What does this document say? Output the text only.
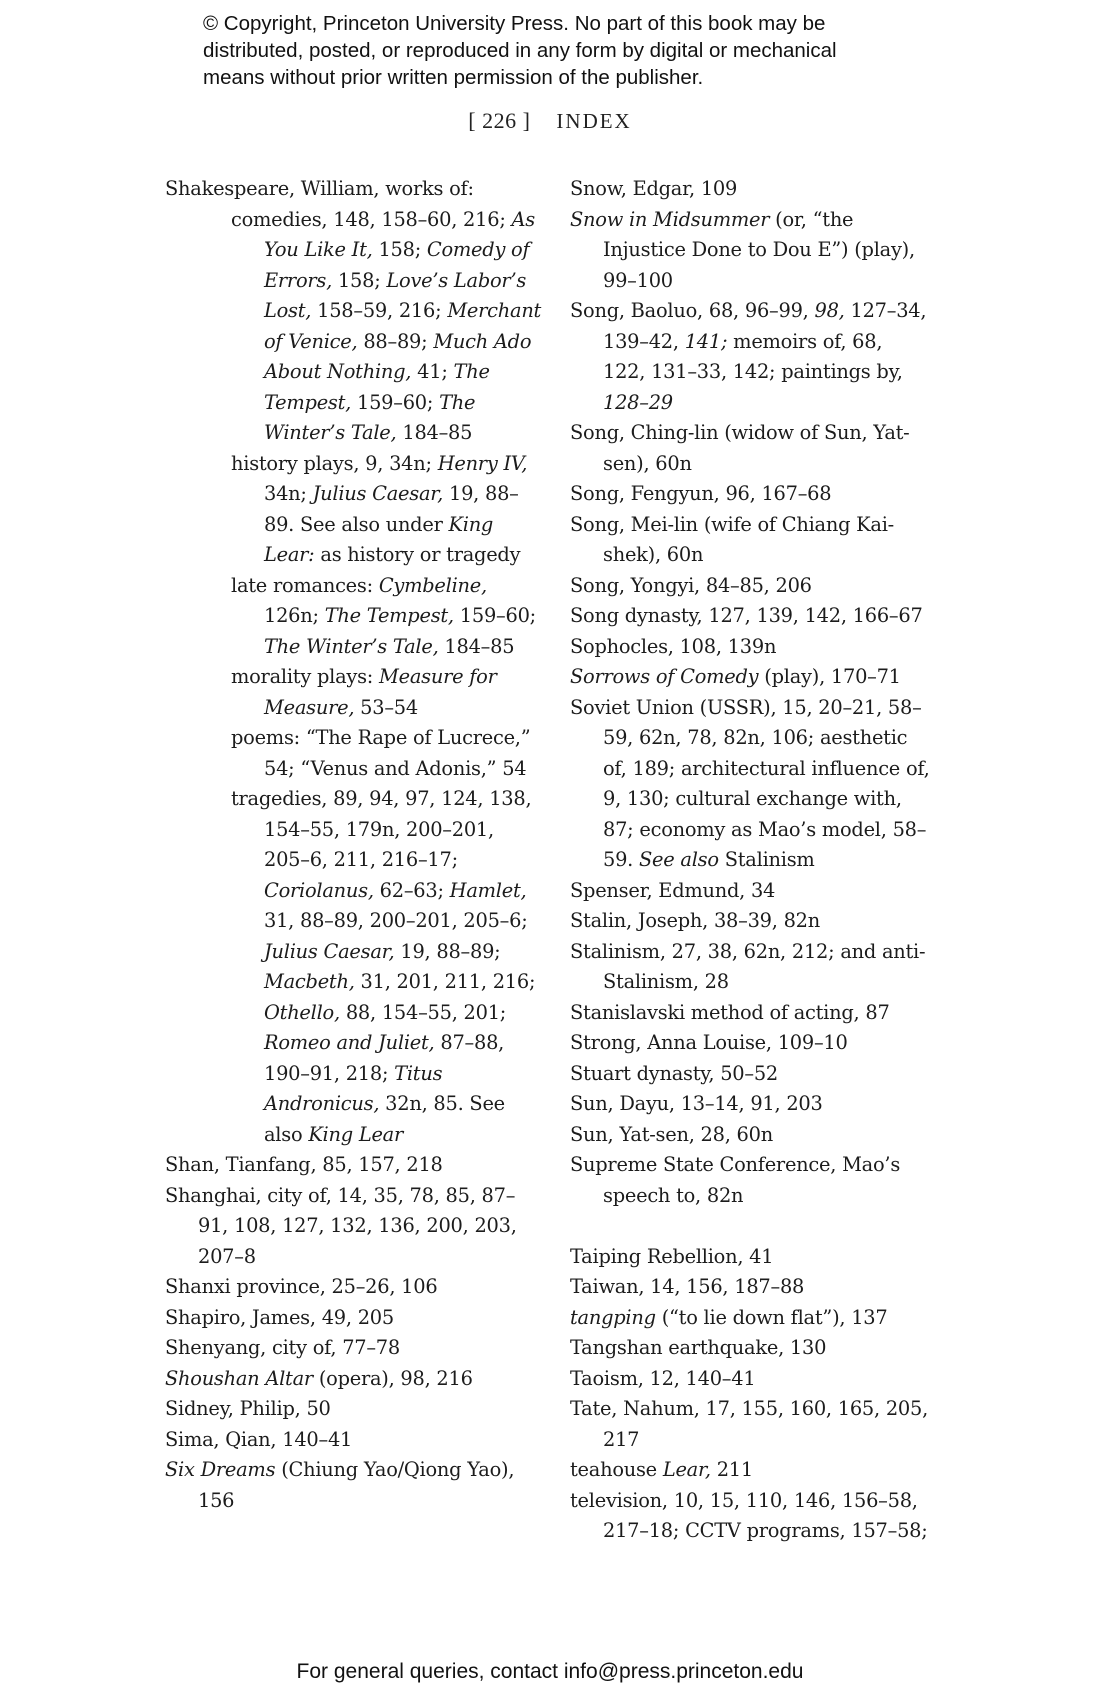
© Copyright, Princeton University Press. No part of this book may be
distributed, posted, or reproduced in any form by digital or mechanical
means without prior written permission of the publisher.
[ 226 ] INDEX

Shakespeare, William, works of:

comedies, 148, 158–60, 216; As You Like It, 158; Comedy of Errors, 158; Love’s Labor’s Lost, 158–59, 216; Merchant of Venice, 88–89; Much Ado About Nothing, 41; The Tempest, 159–60; The Winter’s Tale, 184–85

history plays, 9, 34n; Henry IV, 34n; Julius Caesar, 19, 88–89. See also under King Lear: as history or tragedy

late romances: Cymbeline, 126n; The Tempest, 159–60; The Winter’s Tale, 184–85

morality plays: Measure for Measure, 53–54

poems: “The Rape of Lucrece,” 54; “Venus and Adonis,” 54

tragedies, 89, 94, 97, 124, 138, 154–55, 179n, 200–201, 205–6, 211, 216–17; Coriolanus, 62–63; Hamlet, 31, 88–89, 200–201, 205–6; Julius Caesar, 19, 88–89; Macbeth, 31, 201, 211, 216; Othello, 88, 154–55, 201; Romeo and Juliet, 87–88, 190–91, 218; Titus Andronicus, 32n, 85. See also King Lear

Shan, Tianfang, 85, 157, 218

Shanghai, city of, 14, 35, 78, 85, 87–91, 108, 127, 132, 136, 200, 203, 207–8

Shanxi province, 25–26, 106

Shapiro, James, 49, 205

Shenyang, city of, 77–78

Shoushan Altar (opera), 98, 216

Sidney, Philip, 50

Sima, Qian, 140–41

Six Dreams (Chiung Yao/Qiong Yao), 156

Snow, Edgar, 109

Snow in Midsummer (or, “the Injustice Done to Dou E”) (play), 99–100

Song, Baoluo, 68, 96–99, 98, 127–34, 139–42, 141; memoirs of, 68, 122, 131–33, 142; paintings by, 128–29

Song, Ching-lin (widow of Sun, Yat-sen), 60n

Song, Fengyun, 96, 167–68

Song, Mei-lin (wife of Chiang Kai-shek), 60n

Song, Yongyi, 84–85, 206

Song dynasty, 127, 139, 142, 166–67

Sophocles, 108, 139n

Sorrows of Comedy (play), 170–71

Soviet Union (USSR), 15, 20–21, 58–59, 62n, 78, 82n, 106; aesthetic of, 189; architectural influence of, 9, 130; cultural exchange with, 87; economy as Mao’s model, 58–59. See also Stalinism

Spenser, Edmund, 34

Stalin, Joseph, 38–39, 82n

Stalinism, 27, 38, 62n, 212; and anti-Stalinism, 28

Stanislavski method of acting, 87

Strong, Anna Louise, 109–10

Stuart dynasty, 50–52

Sun, Dayu, 13–14, 91, 203

Sun, Yat-sen, 28, 60n

Supreme State Conference, Mao’s speech to, 82n

Taiping Rebellion, 41

Taiwan, 14, 156, 187–88

tangping (“to lie down flat”), 137

Tangshan earthquake, 130

Taoism, 12, 140–41

Tate, Nahum, 17, 155, 160, 165, 205, 217

teahouse Lear, 211

television, 10, 15, 110, 146, 156–58, 217–18; CCTV programs, 157–58;

For general queries, contact info@press.princeton.edu
